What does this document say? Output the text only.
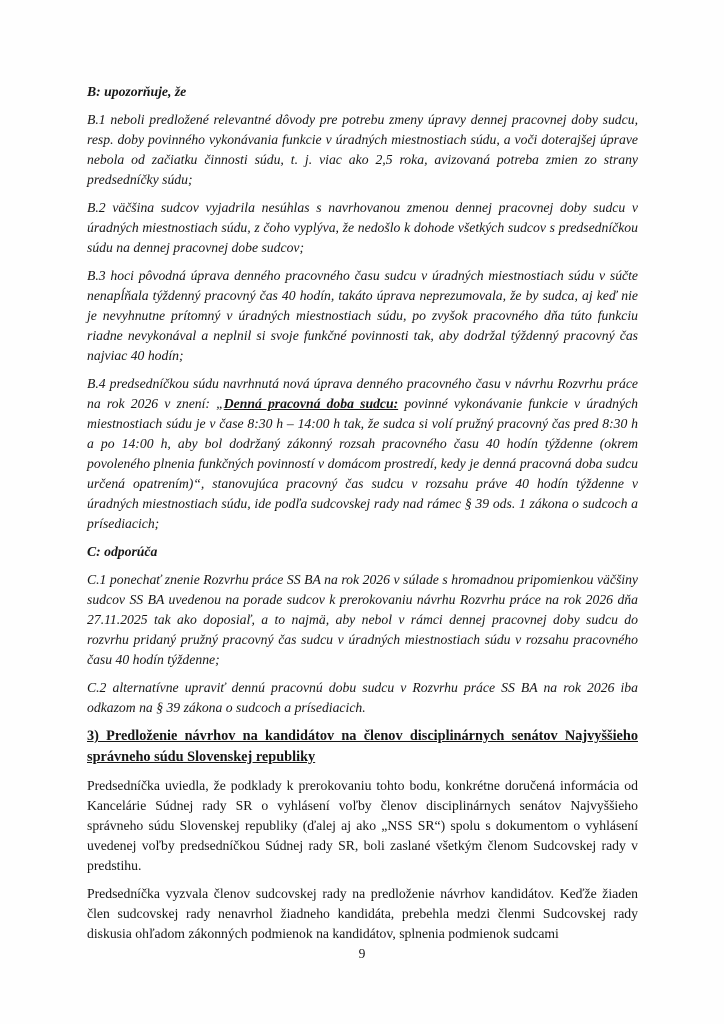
B: upozorňuje, že

B.1 neboli predložené relevantné dôvody pre potrebu zmeny úpravy dennej pracovnej doby sudcu, resp. doby povinného vykonávania funkcie v úradných miestnostiach súdu, a voči doterajšej úprave nebola od začiatku činnosti súdu, t. j. viac ako 2,5 roka, avizovaná potreba zmien zo strany predsedníčky súdu;

B.2 väčšina sudcov vyjadrila nesúhlas s navrhovanou zmenou dennej pracovnej doby sudcu v úradných miestnostiach súdu, z čoho vyplýva, že nedošlo k dohode všetkých sudcov s predsedníčkou súdu na dennej pracovnej dobe sudcov;

B.3 hoci pôvodná úprava denného pracovného času sudcu v úradných miestnostiach súdu v súčte nenapĺňala týždenný pracovný čas 40 hodín, takáto úprava neprezumovala, že by sudca, aj keď nie je nevyhnutne prítomný v úradných miestnostiach súdu, po zvyšok pracovného dňa túto funkciu riadne nevykonával a neplnil si svoje funkčné povinnosti tak, aby dodržal týždenný pracovný čas najviac 40 hodín;

B.4 predsedníčkou súdu navrhnutá nová úprava denného pracovného času v návrhu Rozvrhu práce na rok 2026 v znení: „Denná pracovná doba sudcu: povinné vykonávanie funkcie v úradných miestnostiach súdu je v čase 8:30 h – 14:00 h tak, že sudca si volí pružný pracovný čas pred 8:30 h a po 14:00 h, aby bol dodržaný zákonný rozsah pracovného času 40 hodín týždenne (okrem povoleného plnenia funkčných povinností v domácom prostredí, kedy je denná pracovná doba sudcu určená opatrením)“, stanovujúca pracovný čas sudcu v rozsahu práve 40 hodín týždenne v úradných miestnostiach súdu, ide podľa sudcovskej rady nad rámec § 39 ods. 1 zákona o sudcoch a prísediacich;

C: odporúča

C.1 ponechať znenie Rozvrhu práce SS BA na rok 2026 v súlade s hromadnou pripomienkou väčšiny sudcov SS BA uvedenou na porade sudcov k prerokovaniu návrhu Rozvrhu práce na rok 2026 dňa 27.11.2025 tak ako doposiaľ, a to najmä, aby nebol v rámci dennej pracovnej doby sudcu do rozvrhu pridaný pružný pracovný čas sudcu v úradných miestnostiach súdu v rozsahu pracovného času 40 hodín týždenne;

C.2 alternatívne upraviť dennú pracovnú dobu sudcu v Rozvrhu práce SS BA na rok 2026 iba odkazom na § 39 zákona o sudcoch a prísediacich.

3) Predloženie návrhov na kandidátov na členov disciplinárnych senátov Najvyššieho správneho súdu Slovenskej republiky

Predsedníčka uviedla, že podklady k prerokovaniu tohto bodu, konkrétne doručená informácia od Kancelárie Súdnej rady SR o vyhlásení voľby členov disciplinárnych senátov Najvyššieho správneho súdu Slovenskej republiky (ďalej aj ako „NSS SR“) spolu s dokumentom o vyhlásení uvedenej voľby predsedníčkou Súdnej rady SR, boli zaslané všetkým členom Sudcovskej rady v predstihu.

Predsedníčka vyzvala členov sudcovskej rady na predloženie návrhov kandidátov. Keďže žiaden člen sudcovskej rady nenavrhol žiadneho kandidáta, prebehla medzi členmi Sudcovskej rady diskusia ohľadom zákonných podmienok na kandidátov, splnenia podmienok sudcami

9
